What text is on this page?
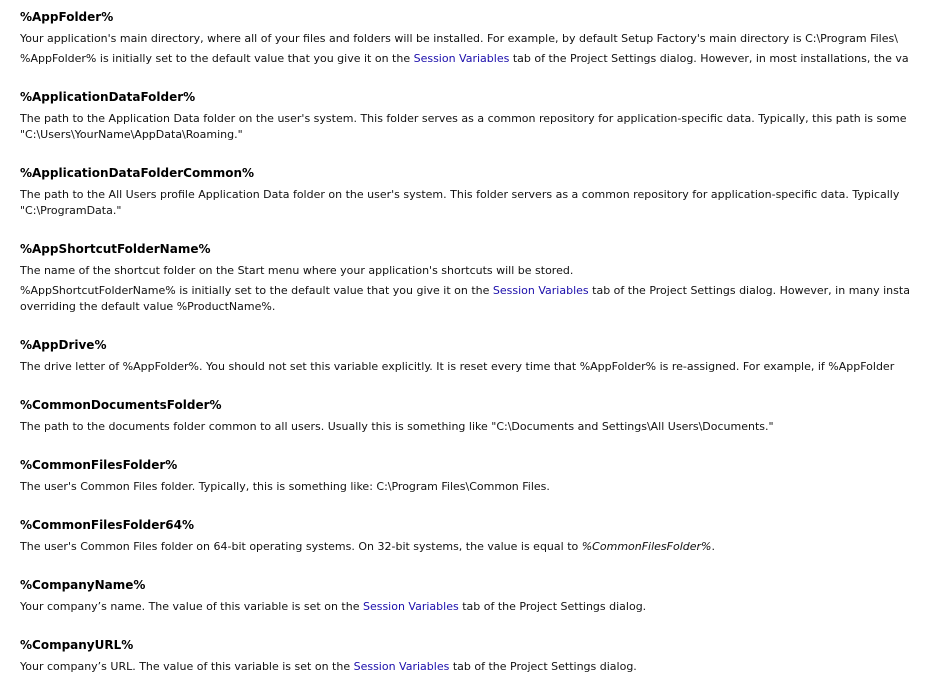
%AppFolder%

Your application's main directory, where all of your files and folders will be installed. For example, by default Setup Factory's main directory is C:\Program Files\

%AppFolder% is initially set to the default value that you give it on the Session Variables tab of the Project Settings dialog. However, in most installations, the va

%ApplicationDataFolder%

The path to the Application Data folder on the user's system. This folder serves as a common repository for application-specific data. Typically, this path is some

"C:\Users\YourName\AppData\Roaming."

%ApplicationDataFolderCommon%

The path to the All Users profile Application Data folder on the user's system. This folder servers as a common repository for application-specific data. Typically

"C:\ProgramData."

%AppShortcutFolderName%

The name of the shortcut folder on the Start menu where your application's shortcuts will be stored.

%AppShortcutFolderName% is initially set to the default value that you give it on the Session Variables tab of the Project Settings dialog. However, in many insta

overriding the default value %ProductName%.

%AppDrive%

The drive letter of %AppFolder%. You should not set this variable explicitly. It is reset every time that %AppFolder% is re-assigned. For example, if %AppFolder

%CommonDocumentsFolder%

The path to the documents folder common to all users. Usually this is something like "C:\Documents and Settings\All Users\Documents."

%CommonFilesFolder%

The user's Common Files folder. Typically, this is something like: C:\Program Files\Common Files.

%CommonFilesFolder64%

The user's Common Files folder on 64-bit operating systems. On 32-bit systems, the value is equal to %CommonFilesFolder%.

%CompanyName%

Your company’s name. The value of this variable is set on the Session Variables tab of the Project Settings dialog.

%CompanyURL%

Your company’s URL. The value of this variable is set on the Session Variables tab of the Project Settings dialog.
